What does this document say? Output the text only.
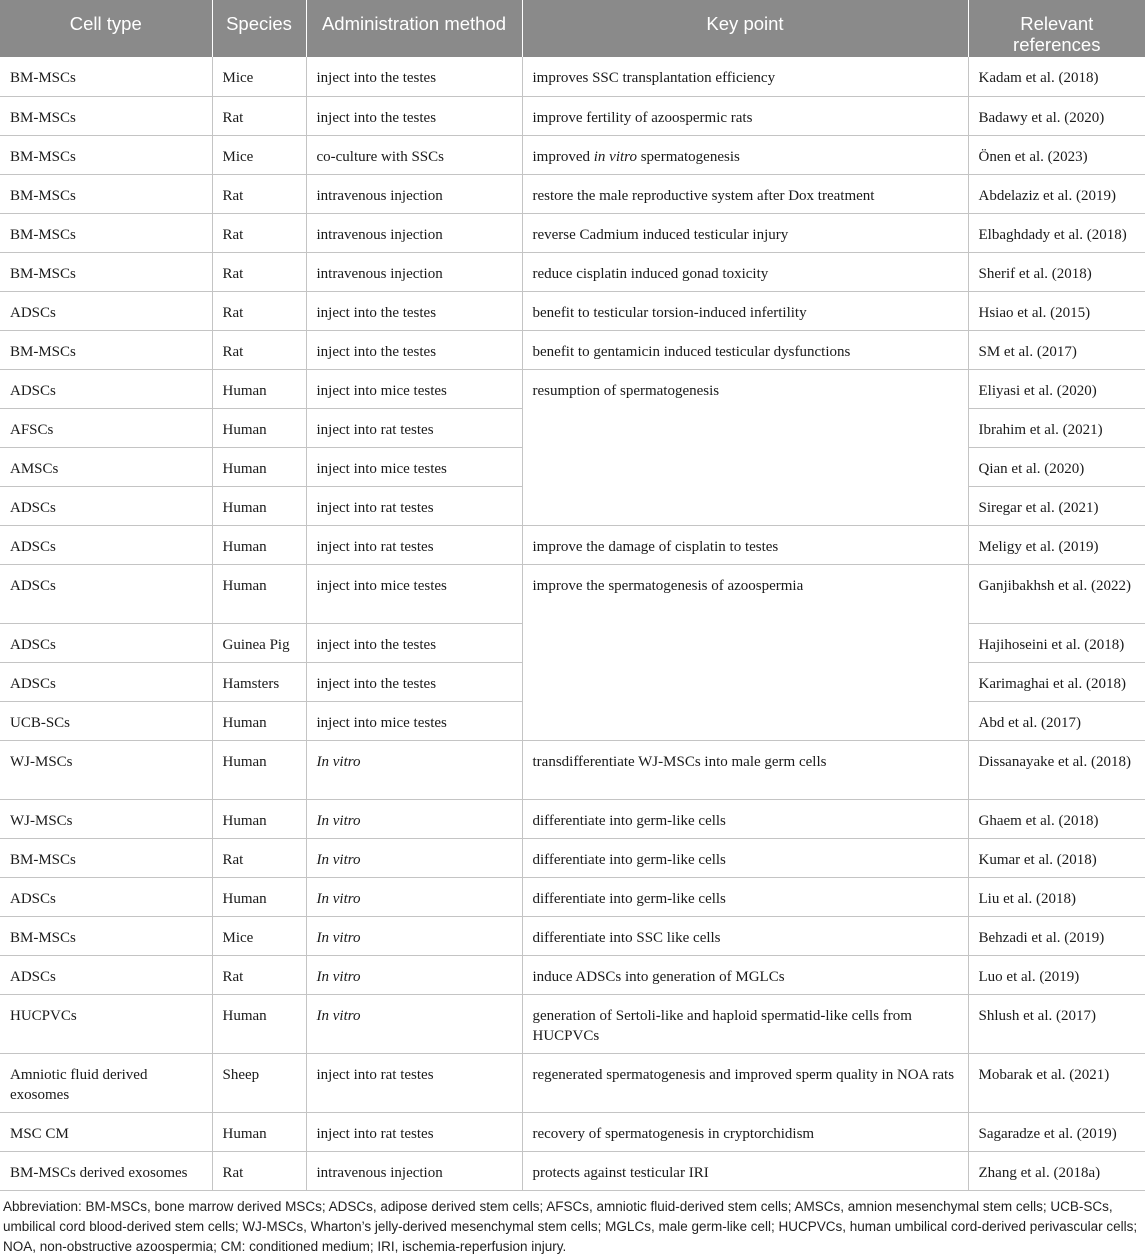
Cell type	Species	Administration method	Key point	Relevant references
BM-MSCs	Mice	inject into the testes	improves SSC transplantation efficiency	Kadam et al. (2018)
BM-MSCs	Rat	inject into the testes	improve fertility of azoospermic rats	Badawy et al. (2020)
BM-MSCs	Mice	co-culture with SSCs	improved in vitro spermatogenesis	Önen et al. (2023)
BM-MSCs	Rat	intravenous injection	restore the male reproductive system after Dox treatment	Abdelaziz et al. (2019)
BM-MSCs	Rat	intravenous injection	reverse Cadmium induced testicular injury	Elbaghdady et al. (2018)
BM-MSCs	Rat	intravenous injection	reduce cisplatin induced gonad toxicity	Sherif et al. (2018)
ADSCs	Rat	inject into the testes	benefit to testicular torsion-induced infertility	Hsiao et al. (2015)
BM-MSCs	Rat	inject into the testes	benefit to gentamicin induced testicular dysfunctions	SM et al. (2017)
ADSCs	Human	inject into mice testes	resumption of spermatogenesis	Eliyasi et al. (2020)
AFSCs	Human	inject into rat testes		Ibrahim et al. (2021)
AMSCs	Human	inject into mice testes		Qian et al. (2020)
ADSCs	Human	inject into rat testes		Siregar et al. (2021)
ADSCs	Human	inject into rat testes	improve the damage of cisplatin to testes	Meligy et al. (2019)
ADSCs	Human	inject into mice testes	improve the spermatogenesis of azoospermia	Ganjibakhsh et al. (2022)
ADSCs	Guinea Pig	inject into the testes		Hajihoseini et al. (2018)
ADSCs	Hamsters	inject into the testes		Karimaghai et al. (2018)
UCB-SCs	Human	inject into mice testes		Abd et al. (2017)
WJ-MSCs	Human	In vitro	transdifferentiate WJ-MSCs into male germ cells	Dissanayake et al. (2018)
WJ-MSCs	Human	In vitro	differentiate into germ-like cells	Ghaem et al. (2018)
BM-MSCs	Rat	In vitro	differentiate into germ-like cells	Kumar et al. (2018)
ADSCs	Human	In vitro	differentiate into germ-like cells	Liu et al. (2018)
BM-MSCs	Mice	In vitro	differentiate into SSC like cells	Behzadi et al. (2019)
ADSCs	Rat	In vitro	induce ADSCs into generation of MGLCs	Luo et al. (2019)
HUCPVCs	Human	In vitro	generation of Sertoli-like and haploid spermatid-like cells from HUCPVCs	Shlush et al. (2017)
Amniotic fluid derived exosomes	Sheep	inject into rat testes	regenerated spermatogenesis and improved sperm quality in NOA rats	Mobarak et al. (2021)
MSC CM	Human	inject into rat testes	recovery of spermatogenesis in cryptorchidism	Sagaradze et al. (2019)
BM-MSCs derived exosomes	Rat	intravenous injection	protects against testicular IRI	Zhang et al. (2018a)
Abbreviation: BM-MSCs, bone marrow derived MSCs; ADSCs, adipose derived stem cells; AFSCs, amniotic fluid-derived stem cells; AMSCs, amnion mesenchymal stem cells; UCB-SCs, umbilical cord blood-derived stem cells; WJ-MSCs, Wharton’s jelly-derived mesenchymal stem cells; MGLCs, male germ-like cell; HUCPVCs, human umbilical cord-derived perivascular cells; NOA, non-obstructive azoospermia; CM: conditioned medium; IRI, ischemia-reperfusion injury.
